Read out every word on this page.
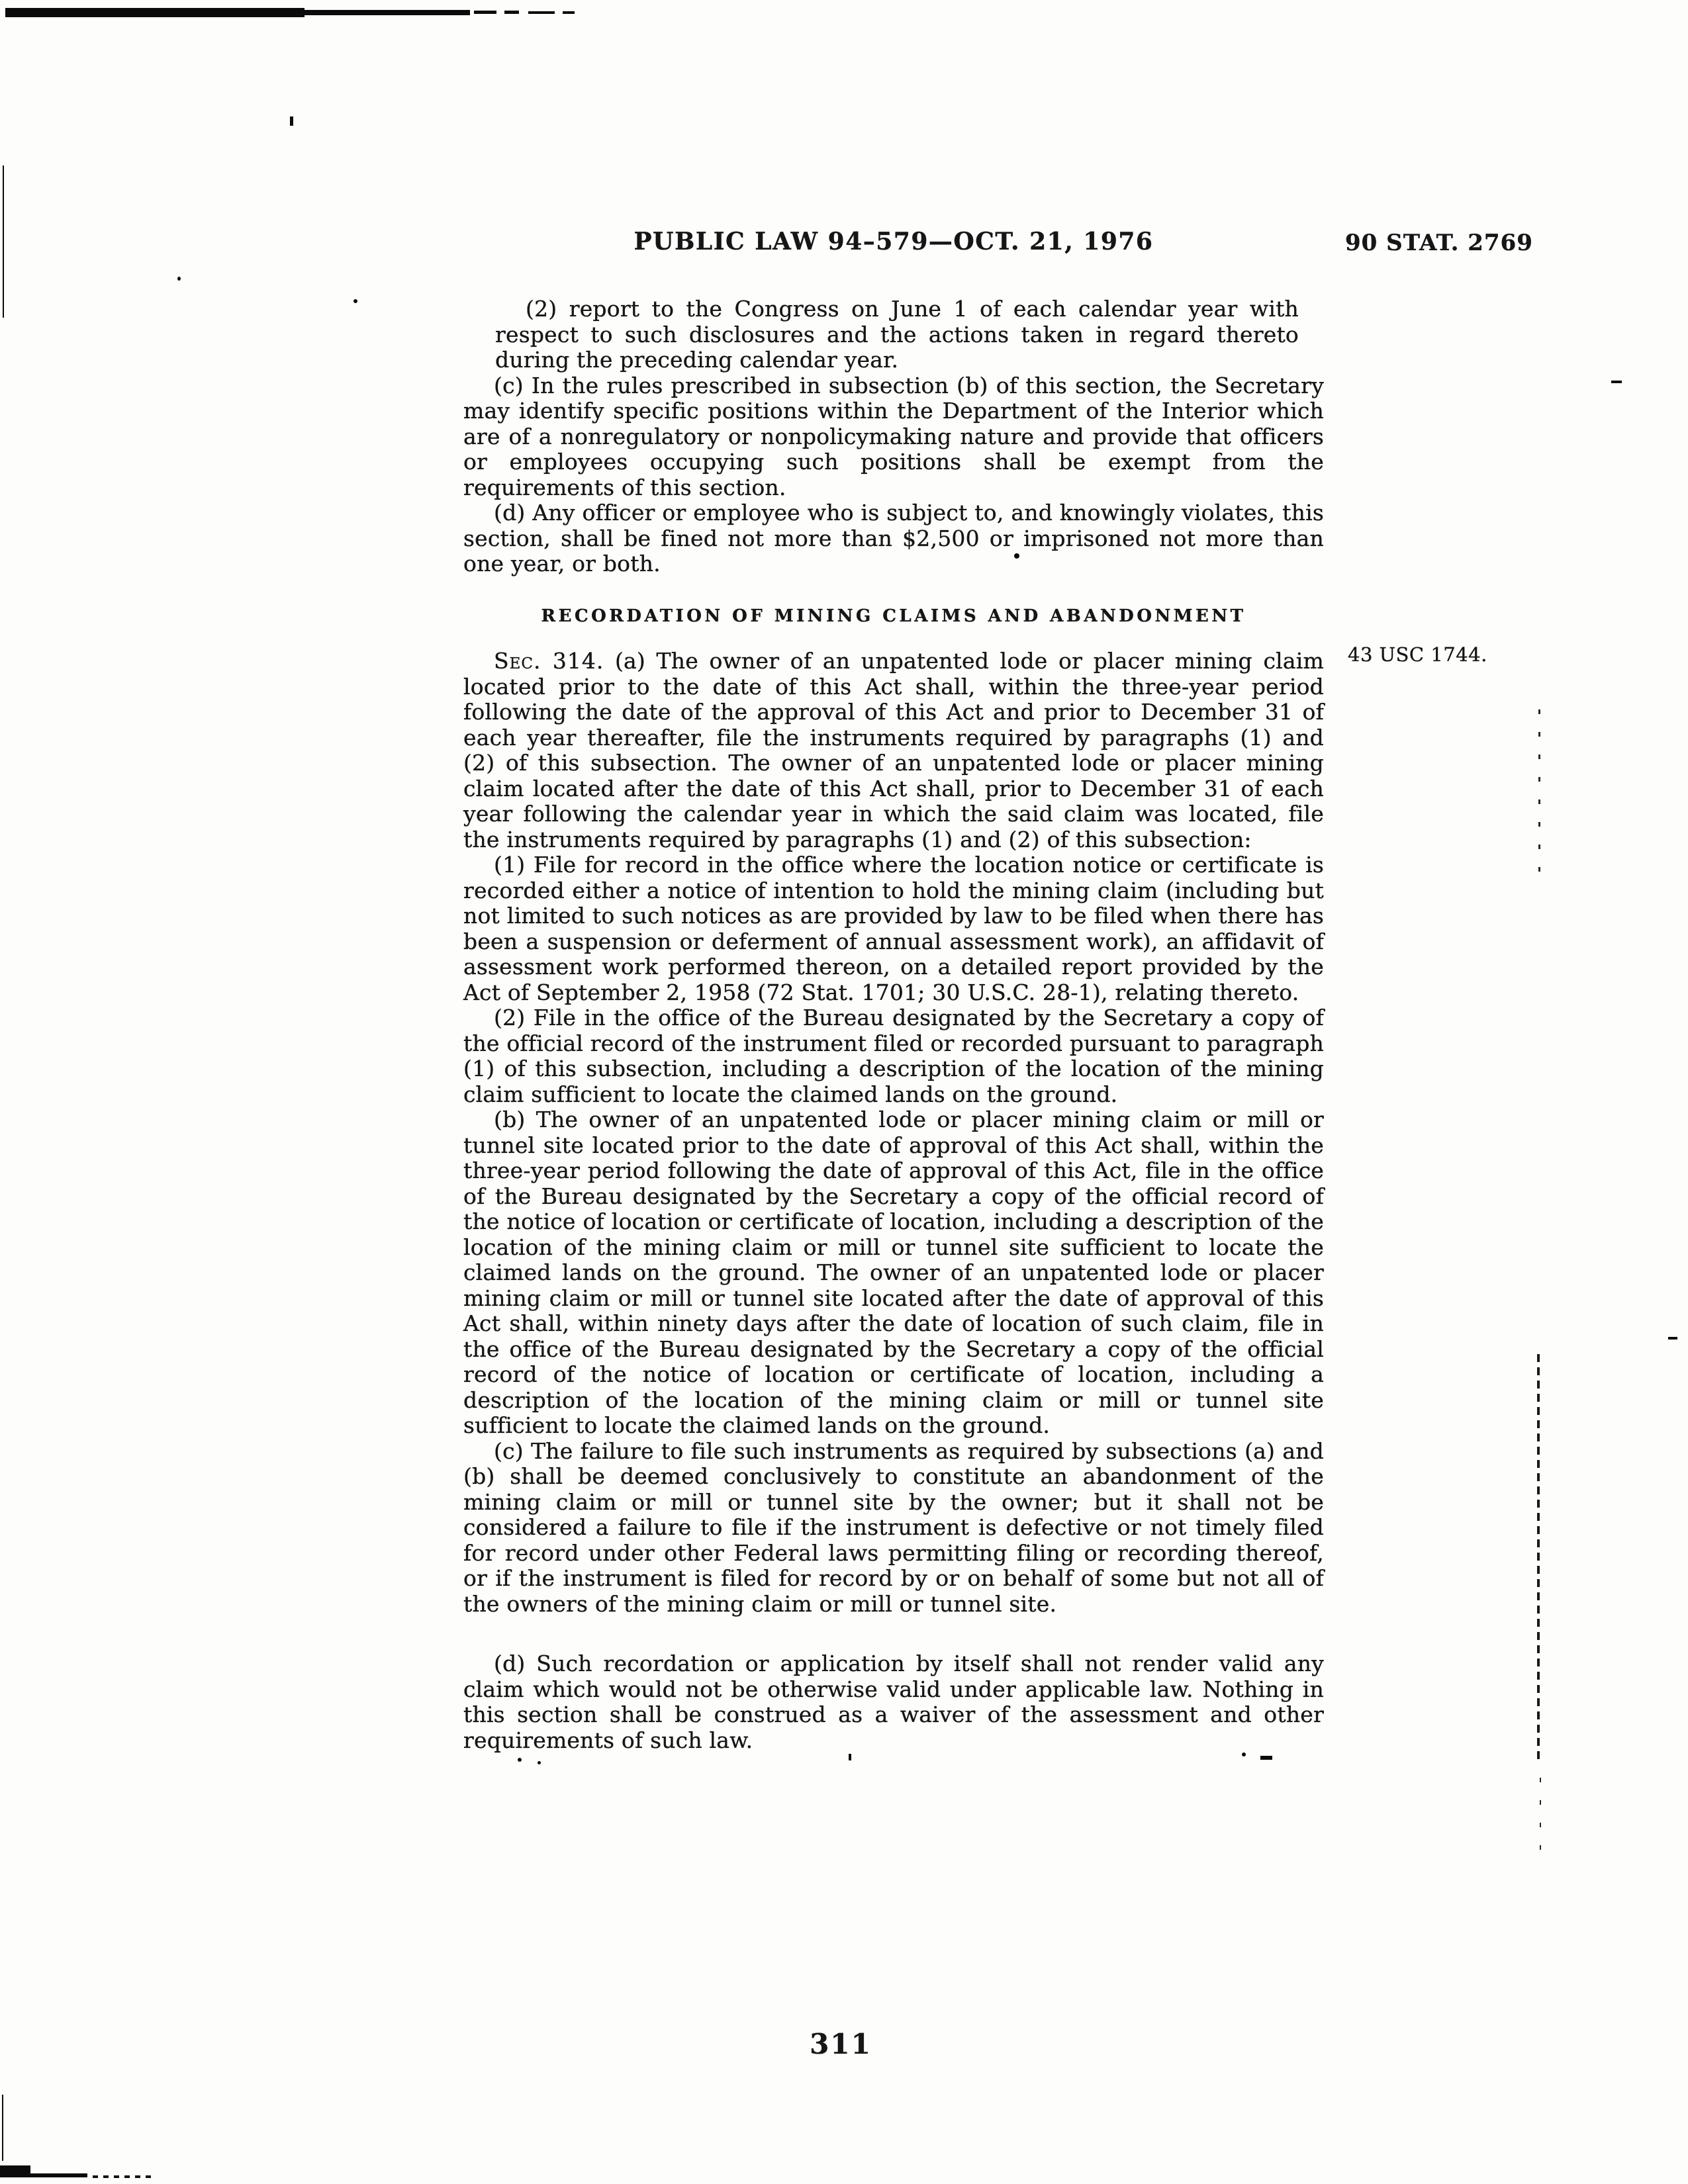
PUBLIC LAW 94–579—OCT. 21, 1976	90 STAT. 2769
43 USC 1744.

(2) report to the Congress on June 1 of each calendar year with respect to such disclosures and the actions taken in regard thereto during the preceding calendar year.

(c) In the rules prescribed in subsection (b) of this section, the Secretary may identify specific positions within the Department of the Interior which are of a nonregulatory or nonpolicymaking nature and provide that officers or employees occupying such positions shall be exempt from the requirements of this section.

(d) Any officer or employee who is subject to, and knowingly violates, this section, shall be fined not more than $2,500 or imprisoned not more than one year, or both.

RECORDATION OF MINING CLAIMS AND ABANDONMENT

Sec. 314. (a) The owner of an unpatented lode or placer mining claim located prior to the date of this Act shall, within the three-year period following the date of the approval of this Act and prior to December 31 of each year thereafter, file the instruments required by paragraphs (1) and (2) of this subsection. The owner of an unpatented lode or placer mining claim located after the date of this Act shall, prior to December 31 of each year following the calendar year in which the said claim was located, file the instruments required by paragraphs (1) and (2) of this subsection:

(1) File for record in the office where the location notice or certificate is recorded either a notice of intention to hold the mining claim (including but not limited to such notices as are provided by law to be filed when there has been a suspension or deferment of annual assessment work), an affidavit of assessment work performed thereon, on a detailed report provided by the Act of September 2, 1958 (72 Stat. 1701; 30 U.S.C. 28-1), relating thereto.

(2) File in the office of the Bureau designated by the Secretary a copy of the official record of the instrument filed or recorded pursuant to paragraph (1) of this subsection, including a description of the location of the mining claim sufficient to locate the claimed lands on the ground.

(b) The owner of an unpatented lode or placer mining claim or mill or tunnel site located prior to the date of approval of this Act shall, within the three-year period following the date of approval of this Act, file in the office of the Bureau designated by the Secretary a copy of the official record of the notice of location or certificate of location, including a description of the location of the mining claim or mill or tunnel site sufficient to locate the claimed lands on the ground. The owner of an unpatented lode or placer mining claim or mill or tunnel site located after the date of approval of this Act shall, within ninety days after the date of location of such claim, file in the office of the Bureau designated by the Secretary a copy of the official record of the notice of location or certificate of location, including a description of the location of the mining claim or mill or tunnel site sufficient to locate the claimed lands on the ground.

(c) The failure to file such instruments as required by subsections (a) and (b) shall be deemed conclusively to constitute an abandonment of the mining claim or mill or tunnel site by the owner; but it shall not be considered a failure to file if the instrument is defective or not timely filed for record under other Federal laws permitting filing or recording thereof, or if the instrument is filed for record by or on behalf of some but not all of the owners of the mining claim or mill or tunnel site.

(d) Such recordation or application by itself shall not render valid any claim which would not be otherwise valid under applicable law. Nothing in this section shall be construed as a waiver of the assessment and other requirements of such law.

311
